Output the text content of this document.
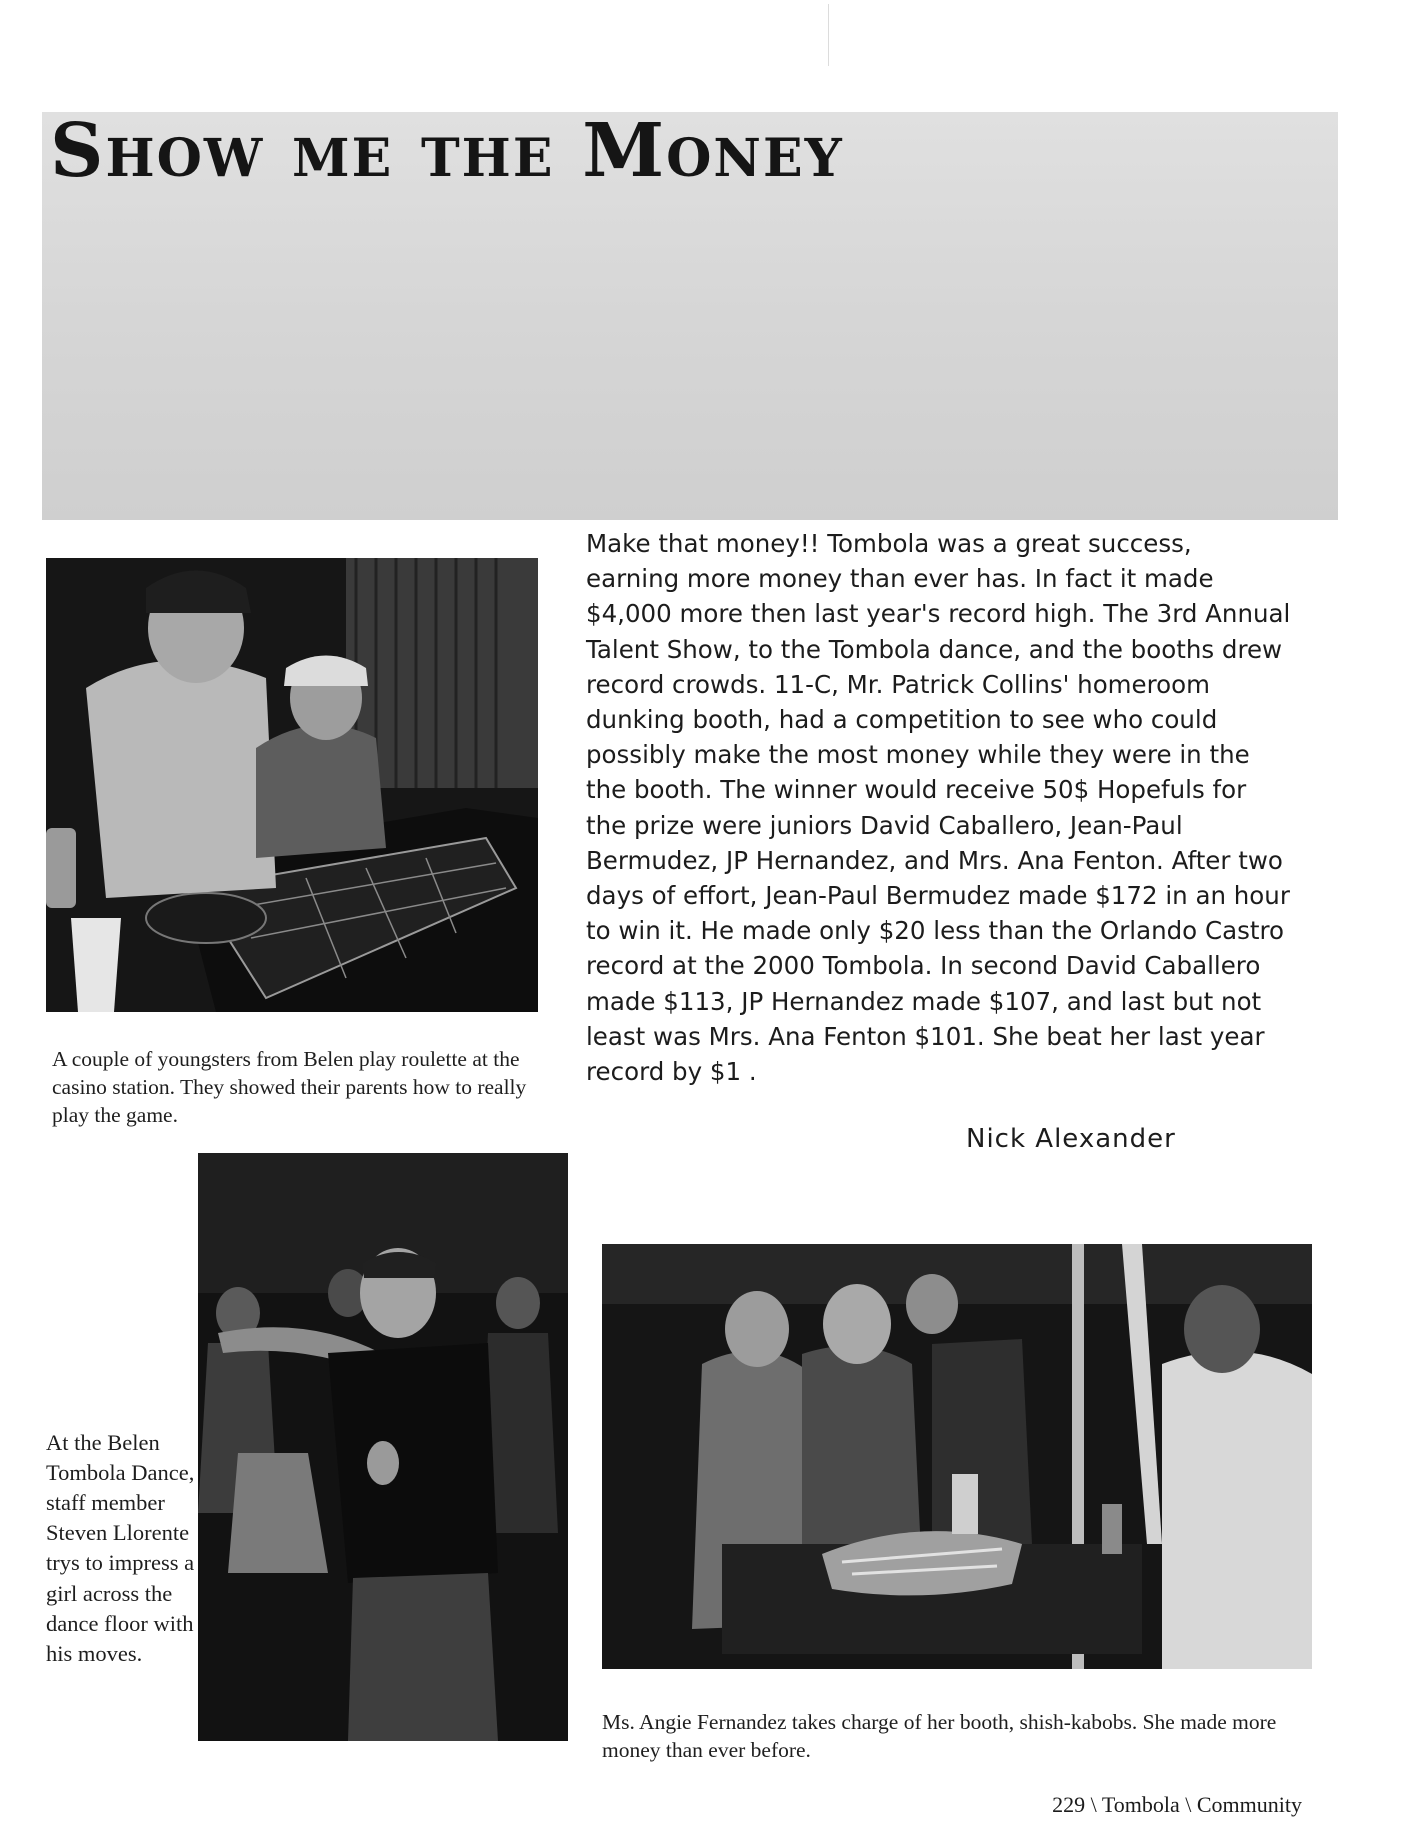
Show me the Money

A couple of youngsters from Belen play roulette at the casino station. They showed their parents how to really play the game.

Make that money!! Tombola was a great success, earning more money than ever has. In fact it made $4,000 more then last year's record high. The 3rd Annual Talent Show, to the Tombola dance, and the booths drew record crowds. 11-C, Mr. Patrick Collins' homeroom dunking booth, had a competition to see who could possibly make the most money while they were in the the booth. The winner would receive 50$ Hopefuls for the prize were juniors David Caballero, Jean-Paul Bermudez, JP Hernandez, and Mrs. Ana Fenton. After two days of effort, Jean-Paul Bermudez made $172 in an hour to win it. He made only $20 less than the Orlando Castro record at the 2000 Tombola. In second David Caballero made $113, JP Hernandez made $107, and last but not least was Mrs. Ana Fenton $101. She beat her last year record by $1 .

Nick Alexander

At the Belen Tombola Dance, staff member Steven Llorente trys to impress a girl across the dance floor with his moves.

Ms. Angie Fernandez takes charge of her booth, shish-kabobs. She made more money than ever before.

229 \ Tombola \ Community
